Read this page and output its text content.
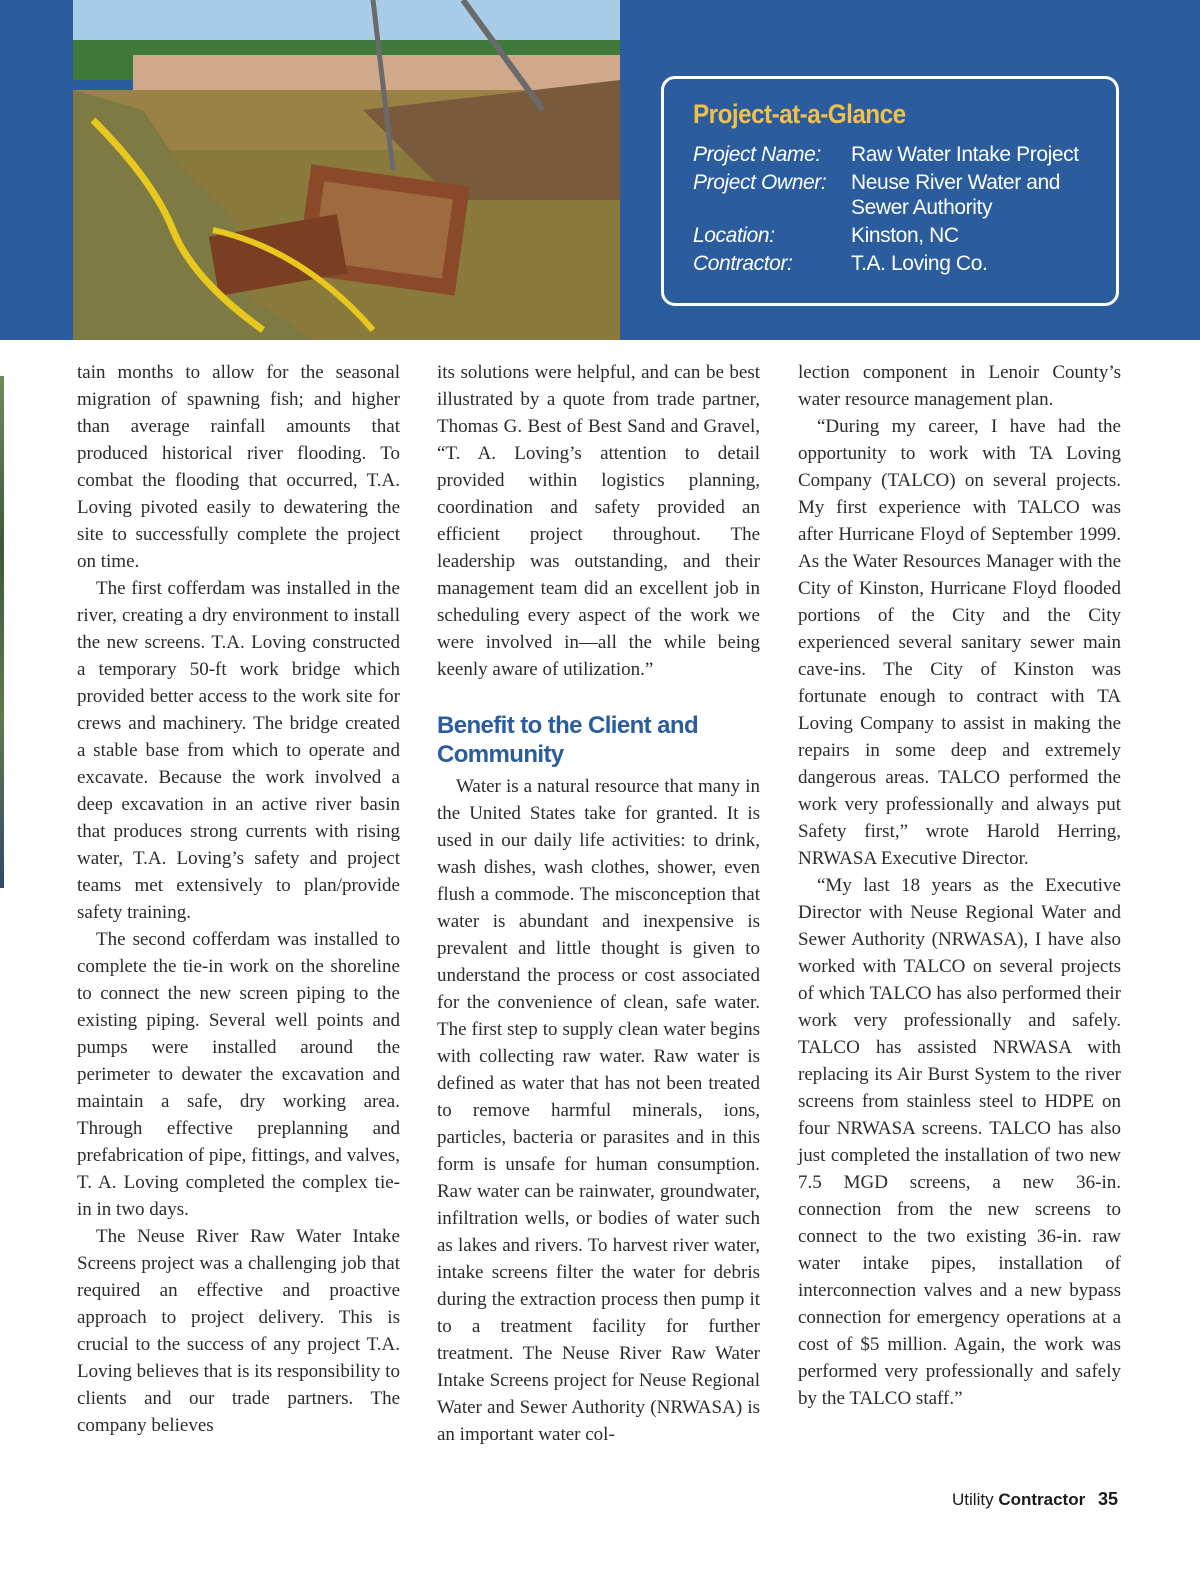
Project-at-a-Glance
Project Name:	Raw Water Intake Project
Project Owner:	Neuse River Water and
Sewer Authority
Location:	Kinston, NC
Contractor:	T.A. Loving Co.

tain months to allow for the seasonal migration of spawning fish; and higher than average rainfall amounts that produced historical river flooding. To combat the flooding that occurred, T.A. Loving pivoted easily to dewatering the site to successfully complete the project on time.

The first cofferdam was installed in the river, creating a dry environment to install the new screens. T.A. Loving constructed a temporary 50-ft work bridge which provided better access to the work site for crews and machinery. The bridge created a stable base from which to operate and excavate. Because the work involved a deep excavation in an active river basin that produces strong currents with rising water, T.A. Loving’s safety and project teams met extensively to plan/provide safety training.

The second cofferdam was installed to complete the tie-in work on the shoreline to connect the new screen piping to the existing piping. Several well points and pumps were installed around the perimeter to dewater the excavation and maintain a safe, dry working area. Through effective preplanning and prefabrication of pipe, fittings, and valves, T. A. Loving completed the complex tie-in in two days.

The Neuse River Raw Water Intake Screens project was a challenging job that required an effective and proactive approach to project delivery. This is crucial to the success of any project T.A. Loving believes that is its responsibility to clients and our trade partners. The company believes

its solutions were helpful, and can be best illustrated by a quote from trade partner, Thomas G. Best of Best Sand and Gravel, “T. A. Loving’s attention to detail provided within logistics planning, coordination and safety provided an efficient project throughout. The leadership was outstanding, and their management team did an excellent job in scheduling every aspect of the work we were involved in—all the while being keenly aware of utilization.”

Benefit to the Client and Community

Water is a natural resource that many in the United States take for granted. It is used in our daily life activities: to drink, wash dishes, wash clothes, shower, even flush a commode. The misconception that water is abundant and inexpensive is prevalent and little thought is given to understand the process or cost associated for the convenience of clean, safe water. The first step to supply clean water begins with collecting raw water. Raw water is defined as water that has not been treated to remove harmful minerals, ions, particles, bacteria or parasites and in this form is unsafe for human consumption. Raw water can be rainwater, groundwater, infiltration wells, or bodies of water such as lakes and rivers. To harvest river water, intake screens filter the water for debris during the extraction process then pump it to a treatment facility for further treatment. The Neuse River Raw Water Intake Screens project for Neuse Regional Water and Sewer Authority (NRWASA) is an important water col-

lection component in Lenoir County’s water resource management plan.

“During my career, I have had the opportunity to work with TA Loving Company (TALCO) on several projects. My first experience with TALCO was after Hurricane Floyd of September 1999. As the Water Resources Manager with the City of Kinston, Hurricane Floyd flooded portions of the City and the City experienced several sanitary sewer main cave-ins. The City of Kinston was fortunate enough to contract with TA Loving Company to assist in making the repairs in some deep and extremely dangerous areas. TALCO performed the work very professionally and always put Safety first,” wrote Harold Herring, NRWASA Executive Director.

“My last 18 years as the Executive Director with Neuse Regional Water and Sewer Authority (NRWASA), I have also worked with TALCO on several projects of which TALCO has also performed their work very professionally and safely. TALCO has assisted NRWASA with replacing its Air Burst System to the river screens from stainless steel to HDPE on four NRWASA screens. TALCO has also just completed the installation of two new 7.5 MGD screens, a new 36-in. connection from the new screens to connect to the two existing 36-in. raw water intake pipes, installation of interconnection valves and a new bypass connection for emergency operations at a cost of $5 million. Again, the work was performed very professionally and safely by the TALCO staff.”

Utility Contractor 35
